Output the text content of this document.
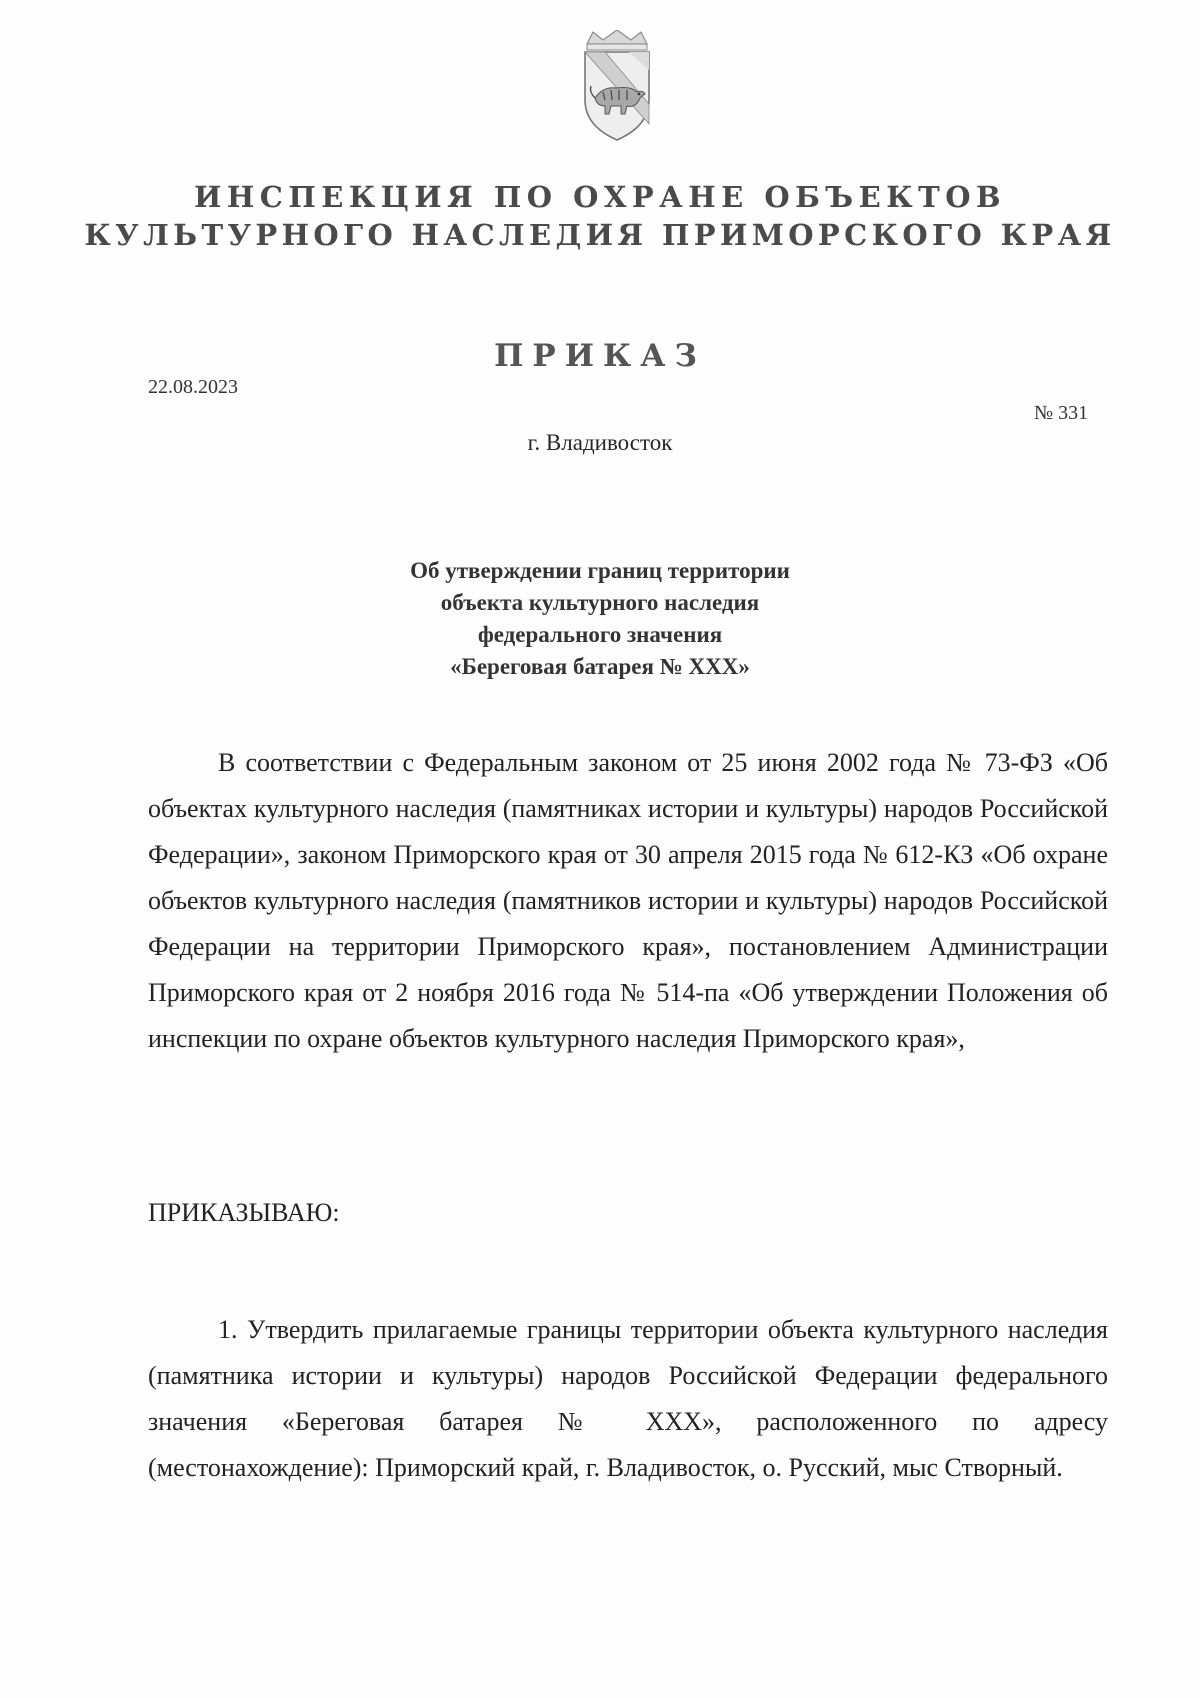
ИНСПЕКЦИЯ ПО ОХРАНЕ ОБЪЕКТОВ
КУЛЬТУРНОГО НАСЛЕДИЯ ПРИМОРСКОГО КРАЯ
ПРИКАЗ
22.08.2023
№ 331
г. Владивосток
Об утверждении границ территории
объекта культурного наследия
федерального значения
«Береговая батарея № XXX»
В соответствии с Федеральным законом от 25 июня 2002 года № 73-ФЗ «Об объектах культурного наследия (памятниках истории и культуры) народов Российской Федерации», законом Приморского края от 30 апреля 2015 года № 612-КЗ «Об охране объектов культурного наследия (памятников истории и культуры) народов Российской Федерации на территории Приморского края», постановлением Администрации Приморского края от 2 ноября 2016 года № 514-па «Об утверждении Положения об инспекции по охране объектов культурного наследия Приморского края»,
ПРИКАЗЫВАЮ:
1. Утвердить прилагаемые границы территории объекта культурного наследия (памятника истории и культуры) народов Российской Федерации федерального значения «Береговая батарея № XXX», расположенного по адресу (местонахождение): Приморский край, г. Владивосток, о. Русский, мыс Створный.
